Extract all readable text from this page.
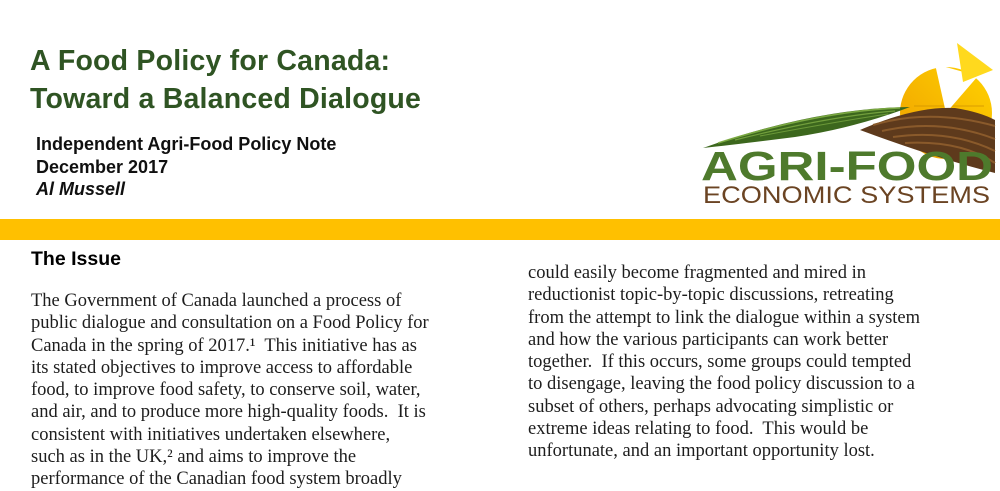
A Food Policy for Canada:
Toward a Balanced Dialogue
Independent Agri-Food Policy Note
December 2017
Al Mussell	AGRI-FOOD
ECONOMIC SYSTEMS
The Issue
The Government of Canada launched a process of
public dialogue and consultation on a Food Policy for
Canada in the spring of 2017.¹  This initiative has as
its stated objectives to improve access to affordable
food, to improve food safety, to conserve soil, water,
and air, and to produce more high-quality foods.  It is
consistent with initiatives undertaken elsewhere,
such as in the UK,² and aims to improve the
performance of the Canadian food system broadly
could easily become fragmented and mired in
reductionist topic-by-topic discussions, retreating
from the attempt to link the dialogue within a system
and how the various participants can work better
together.  If this occurs, some groups could tempted
to disengage, leaving the food policy discussion to a
subset of others, perhaps advocating simplistic or
extreme ideas relating to food.  This would be
unfortunate, and an important opportunity lost.
